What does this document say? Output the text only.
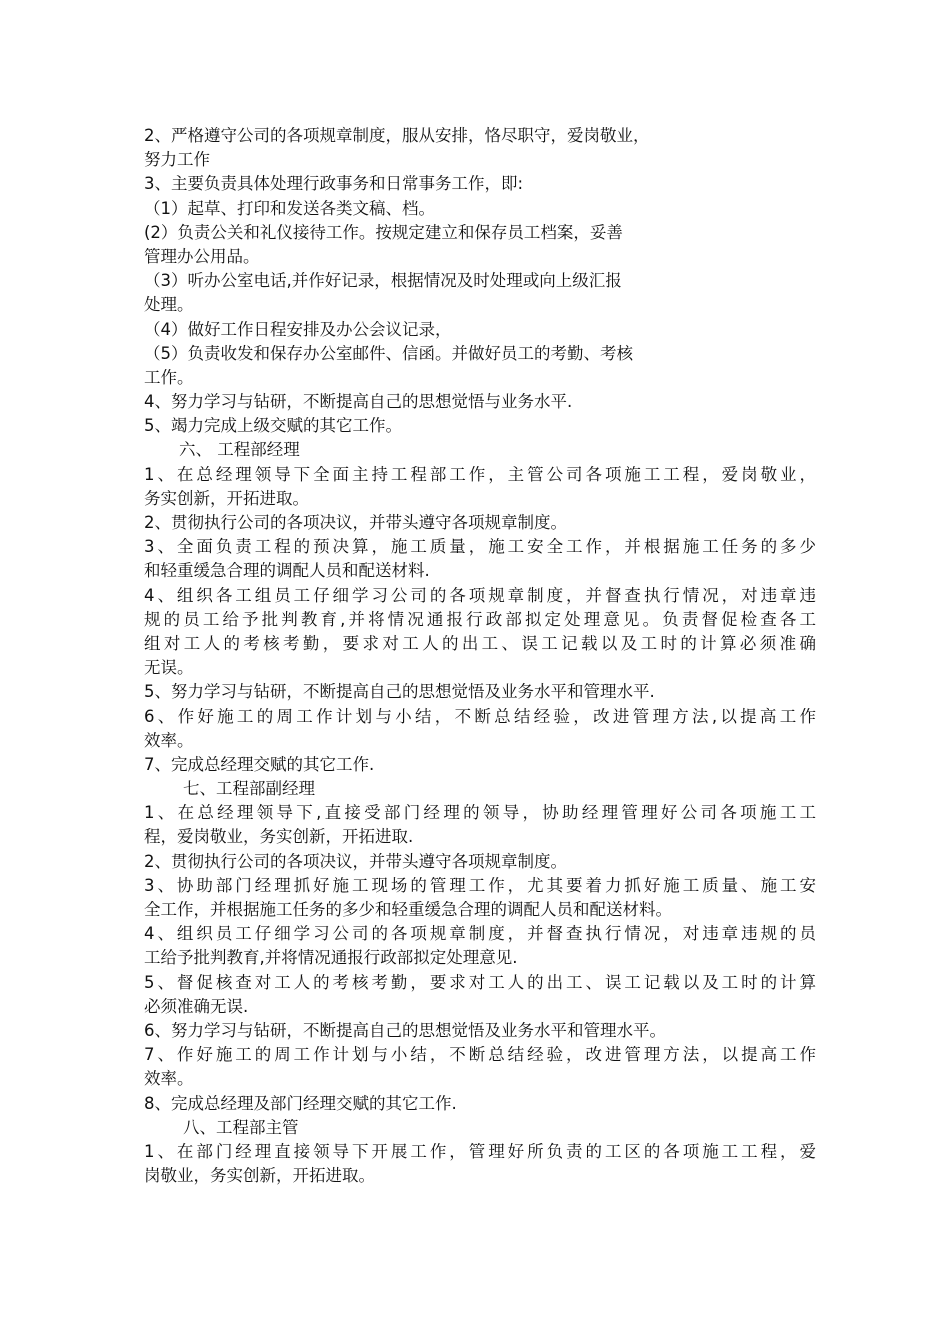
2、严格遵守公司的各项规章制度，服从安排，恪尽职守，爱岗敬业，
努力工作
3、主要负责具体处理行政事务和日常事务工作，即:
（1）起草、打印和发送各类文稿、档。
(2）负责公关和礼仪接待工作。按规定建立和保存员工档案，妥善
管理办公用品。
（3）听办公室电话,并作好记录，根据情况及时处理或向上级汇报
处理。
（4）做好工作日程安排及办公会议记录，
（5）负责收发和保存办公室邮件、信函。并做好员工的考勤、考核
工作。
4、努力学习与钻研，不断提高自己的思想觉悟与业务水平.
5、竭力完成上级交赋的其它工作。
六、 工程部经理
1、在总经理领导下全面主持工程部工作，主管公司各项施工工程，爱岗敬业，
务实创新，开拓进取。
2、贯彻执行公司的各项决议，并带头遵守各项规章制度。
3、全面负责工程的预决算，施工质量，施工安全工作，并根据施工任务的多少
和轻重缓急合理的调配人员和配送材料.
4、组织各工组员工仔细学习公司的各项规章制度，并督查执行情况，对违章违
规的员工给予批判教育,并将情况通报行政部拟定处理意见。负责督促检查各工
组对工人的考核考勤，要求对工人的出工、误工记载以及工时的计算必须准确
无误。
5、努力学习与钻研，不断提高自己的思想觉悟及业务水平和管理水平.
6、作好施工的周工作计划与小结，不断总结经验，改进管理方法,以提高工作
效率。
7、完成总经理交赋的其它工作.
七、工程部副经理
1、在总经理领导下,直接受部门经理的领导，协助经理管理好公司各项施工工
程，爱岗敬业，务实创新，开拓进取.
2、贯彻执行公司的各项决议，并带头遵守各项规章制度。
3、协助部门经理抓好施工现场的管理工作，尤其要着力抓好施工质量、施工安
全工作，并根据施工任务的多少和轻重缓急合理的调配人员和配送材料。
4、组织员工仔细学习公司的各项规章制度，并督查执行情况，对违章违规的员
工给予批判教育,并将情况通报行政部拟定处理意见.
5、督促核查对工人的考核考勤，要求对工人的出工、误工记载以及工时的计算
必须准确无误.
6、努力学习与钻研，不断提高自己的思想觉悟及业务水平和管理水平。
7、作好施工的周工作计划与小结，不断总结经验，改进管理方法，以提高工作
效率。
8、完成总经理及部门经理交赋的其它工作.
八、工程部主管
1、在部门经理直接领导下开展工作，管理好所负责的工区的各项施工工程，爱
岗敬业，务实创新，开拓进取。
